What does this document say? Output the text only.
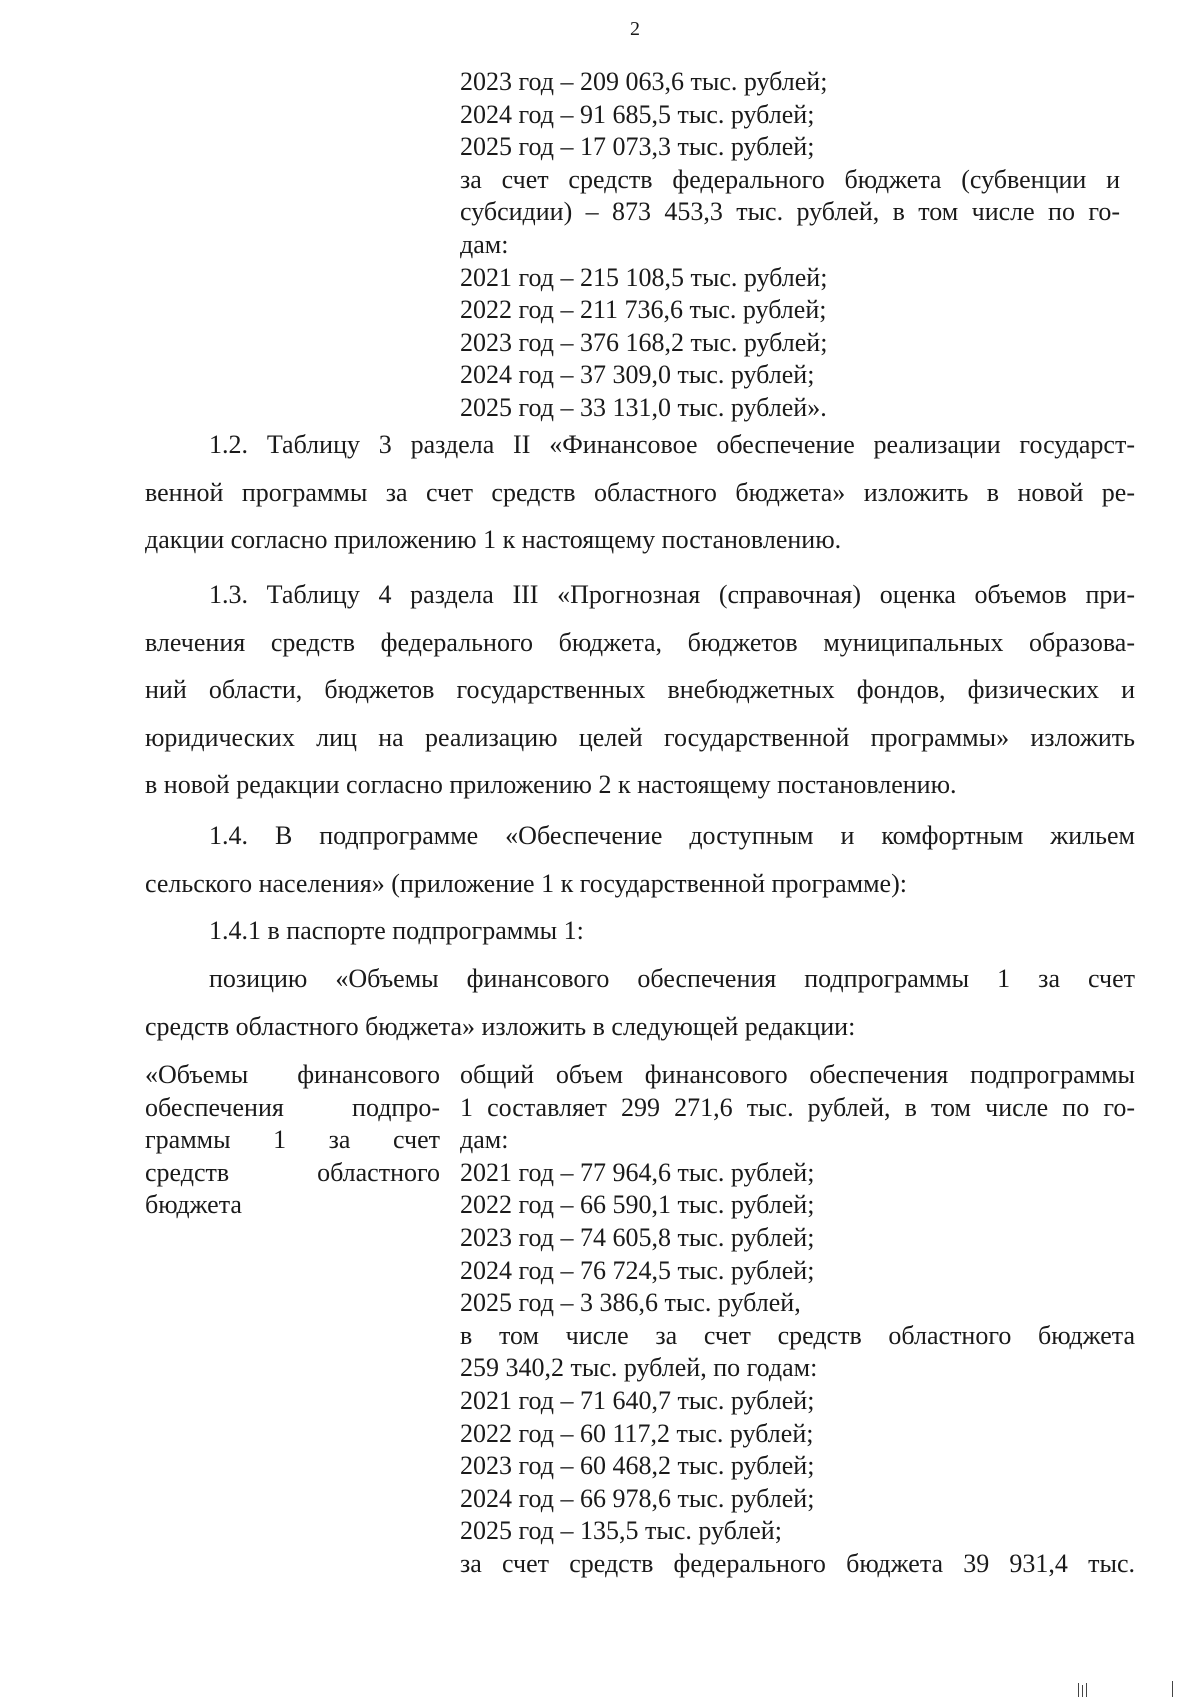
2
2023 год – 209 063,6 тыс. рублей;
2024 год – 91 685,5 тыс. рублей;
2025 год – 17 073,3 тыс. рублей;
за счет средств федерального бюджета (субвенции и
субсидии) – 873 453,3 тыс. рублей, в том числе по го-
дам:
2021 год – 215 108,5 тыс. рублей;
2022 год – 211 736,6 тыс. рублей;
2023 год – 376 168,2 тыс. рублей;
2024 год – 37 309,0 тыс. рублей;
2025 год – 33 131,0 тыс. рублей».
1.2. Таблицу 3 раздела II «Финансовое обеспечение реализации государст-
венной программы за счет средств областного бюджета» изложить в новой ре-
дакции согласно приложению 1 к настоящему постановлению.
1.3. Таблицу 4 раздела III «Прогнозная (справочная) оценка объемов при-
влечения средств федерального бюджета, бюджетов муниципальных образова-
ний области, бюджетов государственных внебюджетных фондов, физических и
юридических лиц на реализацию целей государственной программы» изложить
в новой редакции согласно приложению 2 к настоящему постановлению.
1.4. В подпрограмме «Обеспечение доступным и комфортным жильем
сельского населения» (приложение 1 к государственной программе):
1.4.1 в паспорте подпрограммы 1:
позицию «Объемы финансового обеспечения подпрограммы 1 за счет
средств областного бюджета» изложить в следующей редакции:
«Объемы финансового
обеспечения подпро-
граммы 1 за счет
средств областного
бюджета
общий объем финансового обеспечения подпрограммы
1 составляет 299 271,6 тыс. рублей, в том числе по го-
дам:
2021 год – 77 964,6 тыс. рублей;
2022 год – 66 590,1 тыс. рублей;
2023 год – 74 605,8 тыс. рублей;
2024 год – 76 724,5 тыс. рублей;
2025 год – 3 386,6 тыс. рублей,
в том числе за счет средств областного бюджета
259 340,2 тыс. рублей, по годам:
2021 год – 71 640,7 тыс. рублей;
2022 год – 60 117,2 тыс. рублей;
2023 год – 60 468,2 тыс. рублей;
2024 год – 66 978,6 тыс. рублей;
2025 год – 135,5 тыс. рублей;
за счет средств федерального бюджета 39 931,4 тыс.
